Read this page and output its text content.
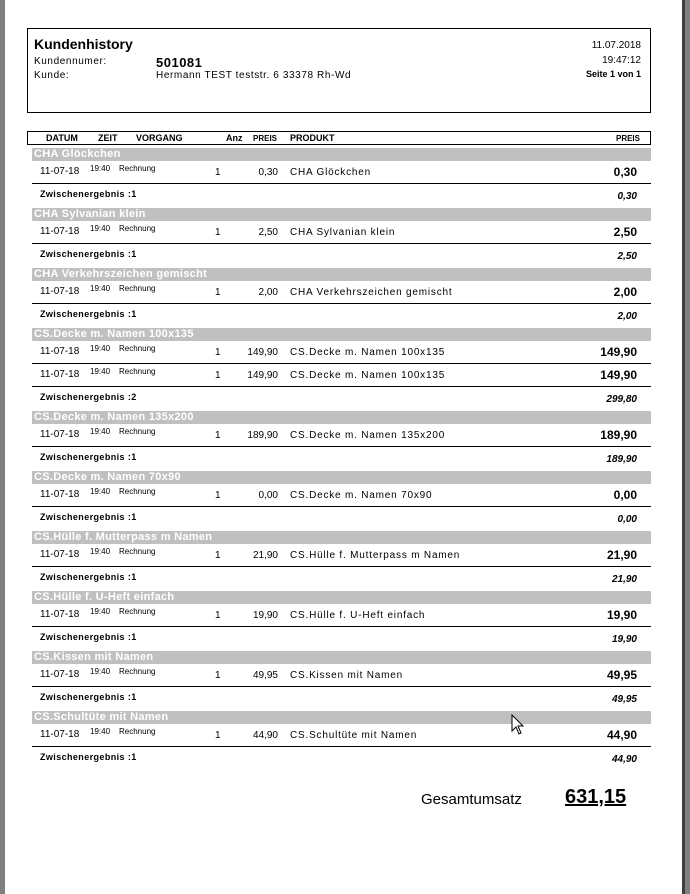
Kundenhistory
Kundennumer:	501081
Kunde:	Hermann TEST teststr. 6 33378 Rh-Wd
11.07.2018
19:47:12
Seite 1 von 1
DATUM ZEIT VORGANG	Anz PREIS PRODUKT	PREIS
CHA Glöckchen
11-07-18 19:40 Rechnung	1	0,30 CHA Glöckchen	0,30
Zwischenergebnis :1	0,30
CHA Sylvanian klein
11-07-18 19:40 Rechnung	1	2,50 CHA Sylvanian klein	2,50
Zwischenergebnis :1	2,50
CHA Verkehrszeichen gemischt
11-07-18 19:40 Rechnung	1	2,00 CHA Verkehrszeichen gemischt	2,00
Zwischenergebnis :1	2,00
CS.Decke m. Namen 100x135
11-07-18 19:40 Rechnung	1	149,90 CS.Decke m. Namen 100x135	149,90
11-07-18 19:40 Rechnung	1	149,90 CS.Decke m. Namen 100x135	149,90
Zwischenergebnis :2	299,80
CS.Decke m. Namen 135x200
11-07-18 19:40 Rechnung	1	189,90 CS.Decke m. Namen 135x200	189,90
Zwischenergebnis :1	189,90
CS.Decke m. Namen 70x90
11-07-18 19:40 Rechnung	1	0,00 CS.Decke m. Namen 70x90	0,00
Zwischenergebnis :1	0,00
CS.Hülle f. Mutterpass m Namen
11-07-18 19:40 Rechnung	1	21,90 CS.Hülle f. Mutterpass m Namen	21,90
Zwischenergebnis :1	21,90
CS.Hülle f. U-Heft einfach
11-07-18 19:40 Rechnung	1	19,90 CS.Hülle f. U-Heft einfach	19,90
Zwischenergebnis :1	19,90
CS.Kissen mit Namen
11-07-18 19:40 Rechnung	1	49,95 CS.Kissen mit Namen	49,95
Zwischenergebnis :1	49,95
CS.Schultüte mit Namen
11-07-18 19:40 Rechnung	1	44,90 CS.Schultüte mit Namen	44,90
Zwischenergebnis :1	44,90
Gesamtumsatz 631,15
